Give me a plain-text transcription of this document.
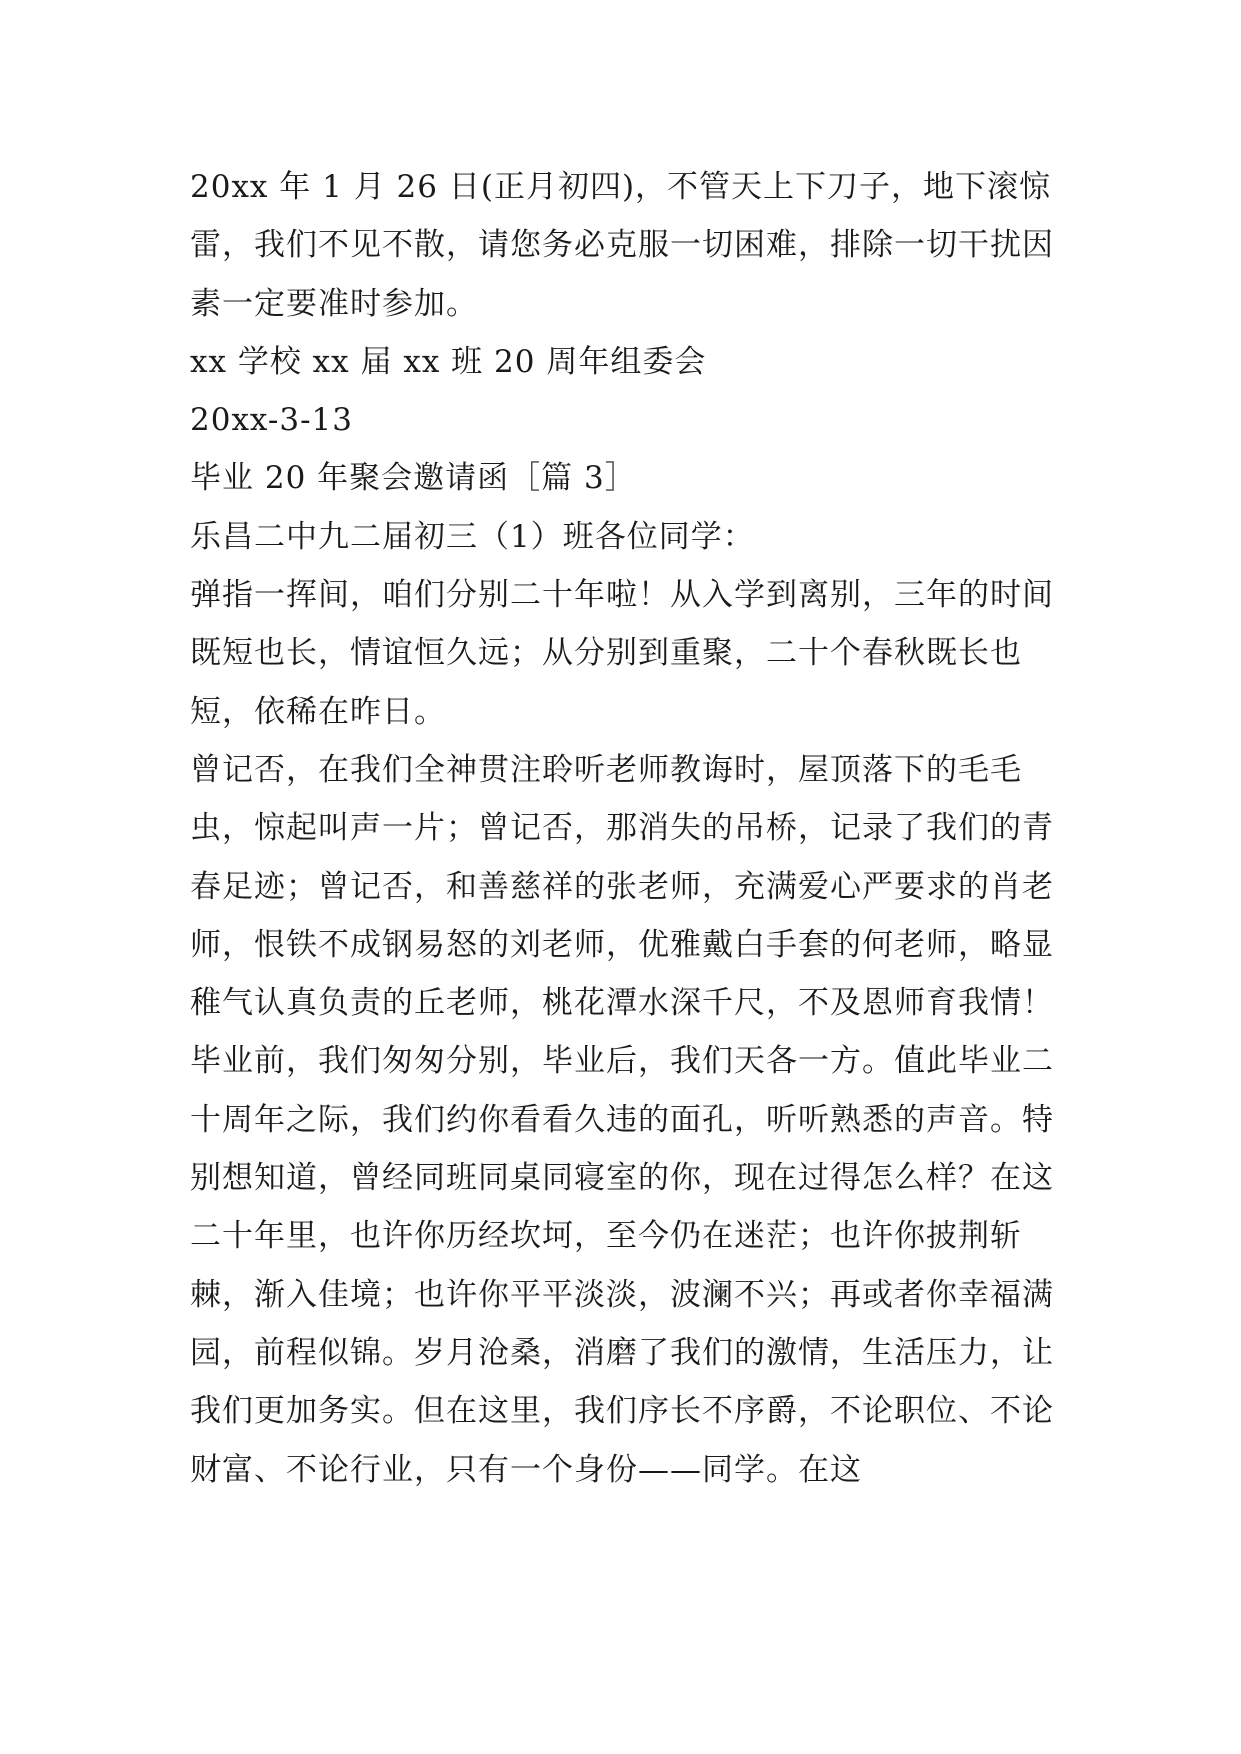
20xx 年 1 月 26 日(正月初四)，不管天上下刀子，地下滚惊雷，我们不见不散，请您务必克服一切困难，排除一切干扰因素一定要准时参加。

xx 学校 xx 届 xx 班 20 周年组委会

20xx-3-13

毕业 20 年聚会邀请函［篇 3］

乐昌二中九二届初三（1）班各位同学：

弹指一挥间，咱们分别二十年啦！从入学到离别，三年的时间既短也长，情谊恒久远；从分别到重聚，二十个春秋既长也短，依稀在昨日。

曾记否，在我们全神贯注聆听老师教诲时，屋顶落下的毛毛虫，惊起叫声一片；曾记否，那消失的吊桥，记录了我们的青春足迹；曾记否，和善慈祥的张老师，充满爱心严要求的肖老师，恨铁不成钢易怒的刘老师，优雅戴白手套的何老师，略显稚气认真负责的丘老师，桃花潭水深千尺，不及恩师育我情！

毕业前，我们匆匆分别，毕业后，我们天各一方。值此毕业二十周年之际，我们约你看看久违的面孔，听听熟悉的声音。特别想知道，曾经同班同桌同寝室的你，现在过得怎么样？在这二十年里，也许你历经坎坷，至今仍在迷茫；也许你披荆斩棘，渐入佳境；也许你平平淡淡，波澜不兴；再或者你幸福满园，前程似锦。岁月沧桑，消磨了我们的激情，生活压力，让我们更加务实。但在这里，我们序长不序爵，不论职位、不论财富、不论行业，只有一个身份——同学。在这
